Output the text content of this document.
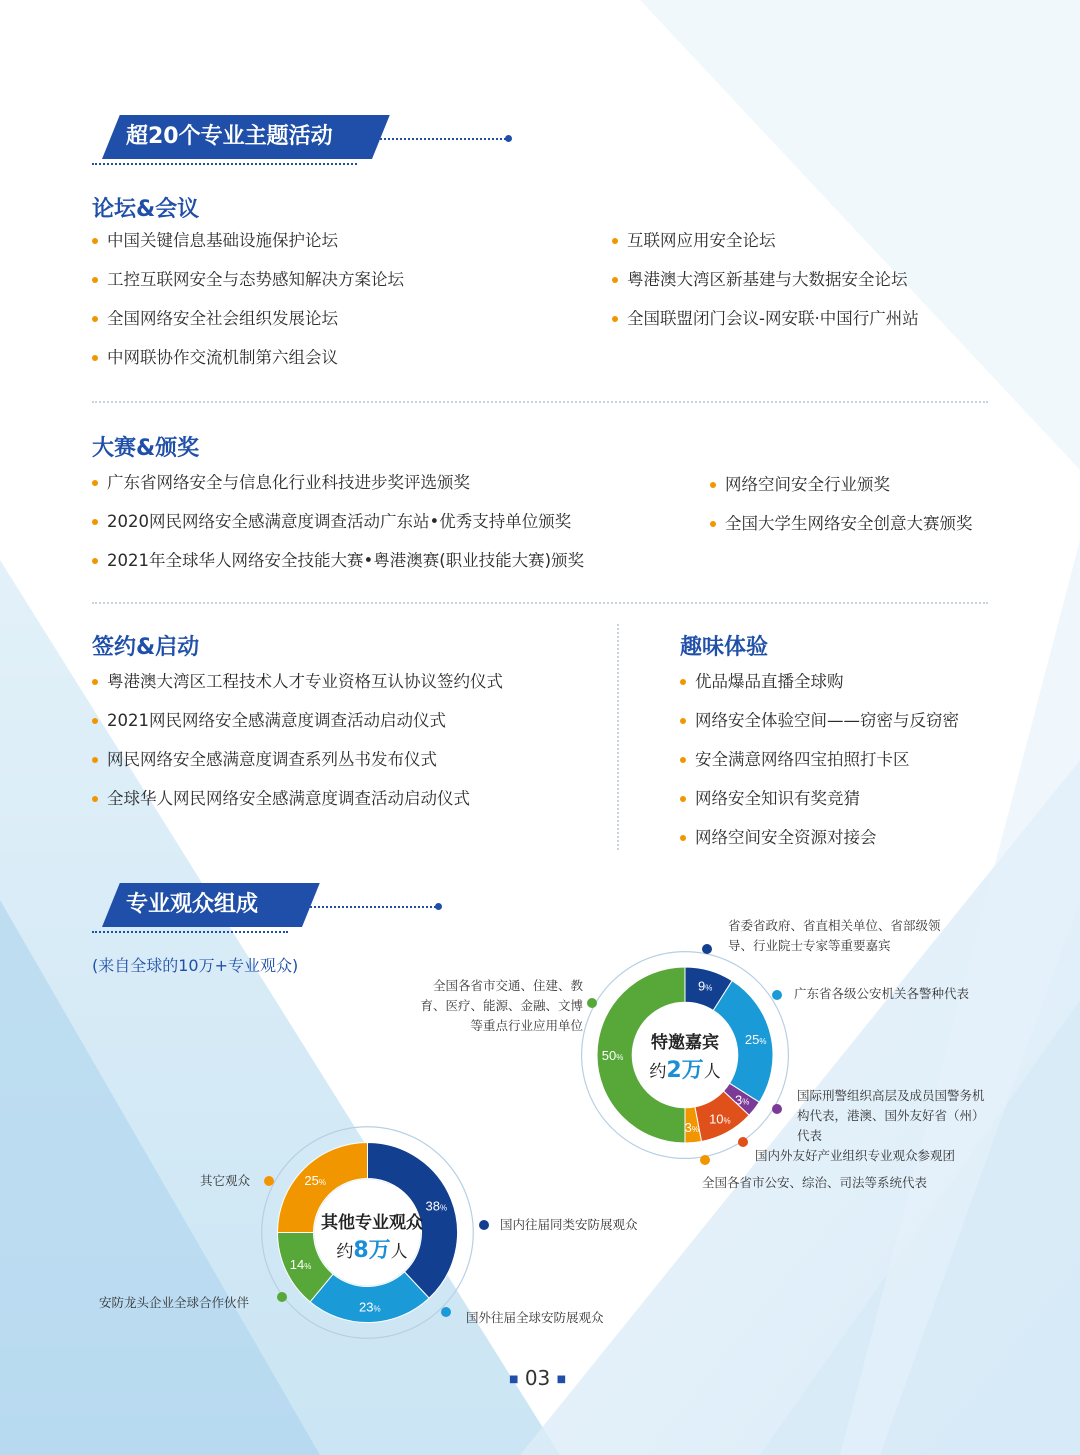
超20个专业主题活动
论坛&会议
中国关键信息基础设施保护论坛
工控互联网安全与态势感知解决方案论坛
全国网络安全社会组织发展论坛
中网联协作交流机制第六组会议
互联网应用安全论坛
粤港澳大湾区新基建与大数据安全论坛
全国联盟闭门会议-网安联·中国行广州站
大赛&颁奖
广东省网络安全与信息化行业科技进步奖评选颁奖
2020网民网络安全感满意度调查活动广东站•优秀支持单位颁奖
2021年全球华人网络安全技能大赛•粤港澳赛(职业技能大赛)颁奖
网络空间安全行业颁奖
全国大学生网络安全创意大赛颁奖
签约&启动
粤港澳大湾区工程技术人才专业资格互认协议签约仪式
2021网民网络安全感满意度调查活动启动仪式
网民网络安全感满意度调查系列丛书发布仪式
全球华人网民网络安全感满意度调查活动启动仪式
趣味体验
优品爆品直播全球购
网络安全体验空间——窃密与反窃密
安全满意网络四宝拍照打卡区
网络安全知识有奖竞猜
网络空间安全资源对接会
专业观众组成
(来自全球的10万+专业观众)
9%
25%
3%
10%
3%
50%
38%
23%
14%
25%
特邀嘉宾
约2万人
其他专业观众
约8万人
省委省政府、省直相关单位、省部级领导、行业院士专家等重要嘉宾
广东省各级公安机关各警种代表
国际刑警组织高层及成员国警务机构代表，港澳、国外友好省（州）代表
国内外友好产业组织专业观众参观团
全国各省市公安、综治、司法等系统代表
全国各省市交通、住建、教育、医疗、能源、金融、文博等重点行业应用单位
国内往届同类安防展观众
国外往届全球安防展观众
安防龙头企业全球合作伙伴
其它观众
■ 03 ■
